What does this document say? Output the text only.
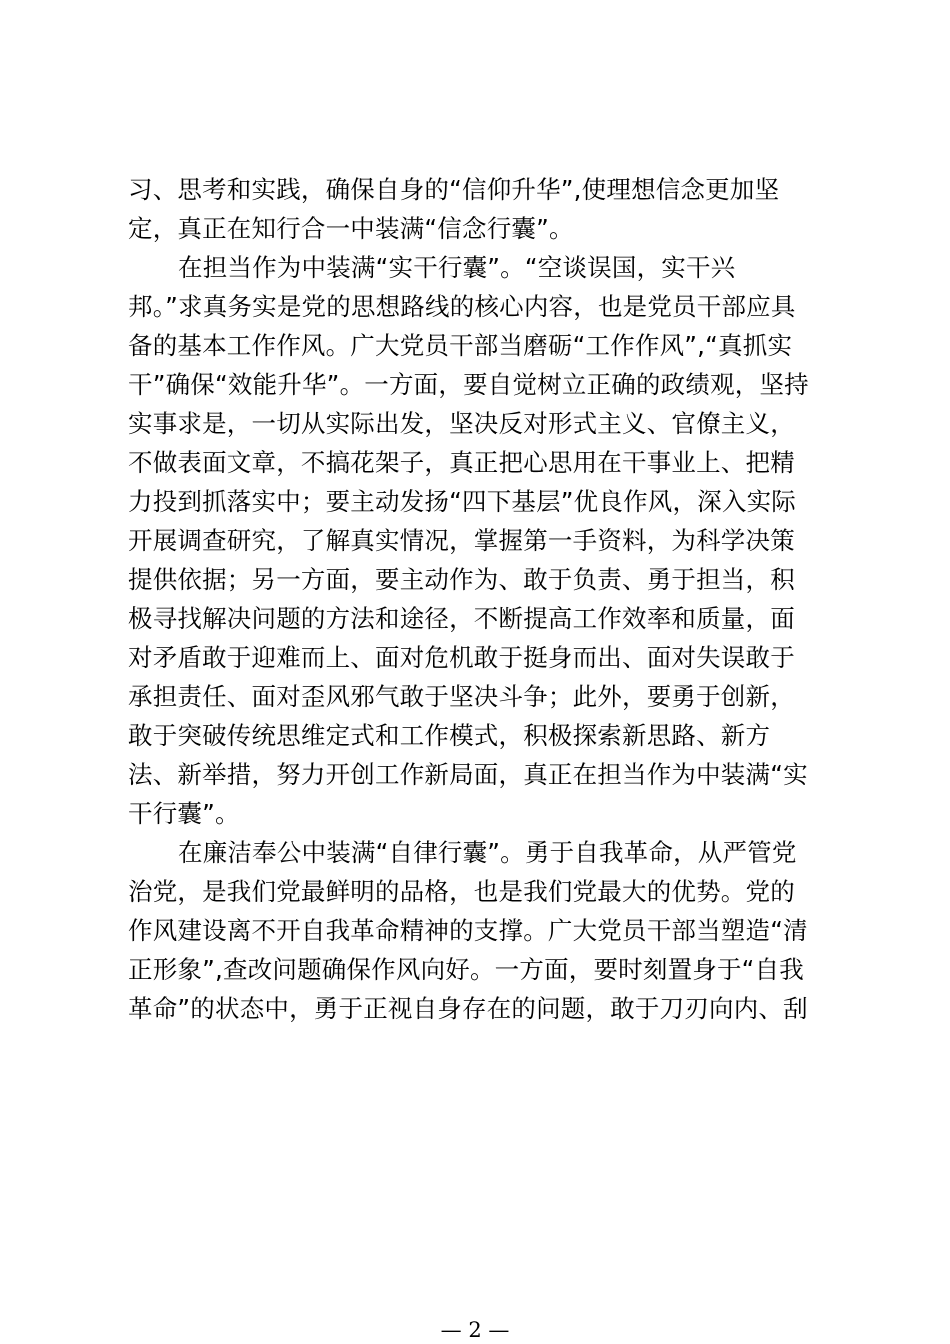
习、思考和实践，确保自身的“信仰升华”,使理想信念更加坚
定，真正在知行合一中装满“信念行囊”。
在担当作为中装满“实干行囊”。“空谈误国，实干兴
邦。”求真务实是党的思想路线的核心内容，也是党员干部应具
备的基本工作作风。广大党员干部当磨砺“工作作风”,“真抓实
干”确保“效能升华”。一方面，要自觉树立正确的政绩观，坚持
实事求是，一切从实际出发，坚决反对形式主义、官僚主义，
不做表面文章，不搞花架子，真正把心思用在干事业上、把精
力投到抓落实中；要主动发扬“四下基层”优良作风，深入实际
开展调查研究，了解真实情况，掌握第一手资料，为科学决策
提供依据；另一方面，要主动作为、敢于负责、勇于担当，积
极寻找解决问题的方法和途径，不断提高工作效率和质量，面
对矛盾敢于迎难而上、面对危机敢于挺身而出、面对失误敢于
承担责任、面对歪风邪气敢于坚决斗争；此外，要勇于创新，
敢于突破传统思维定式和工作模式，积极探索新思路、新方
法、新举措，努力开创工作新局面，真正在担当作为中装满“实
干行囊”。
在廉洁奉公中装满“自律行囊”。勇于自我革命，从严管党
治党，是我们党最鲜明的品格，也是我们党最大的优势。党的
作风建设离不开自我革命精神的支撑。广大党员干部当塑造“清
正形象”,查改问题确保作风向好。一方面，要时刻置身于“自我
革命”的状态中，勇于正视自身存在的问题，敢于刀刃向内、刮
— 2 —
